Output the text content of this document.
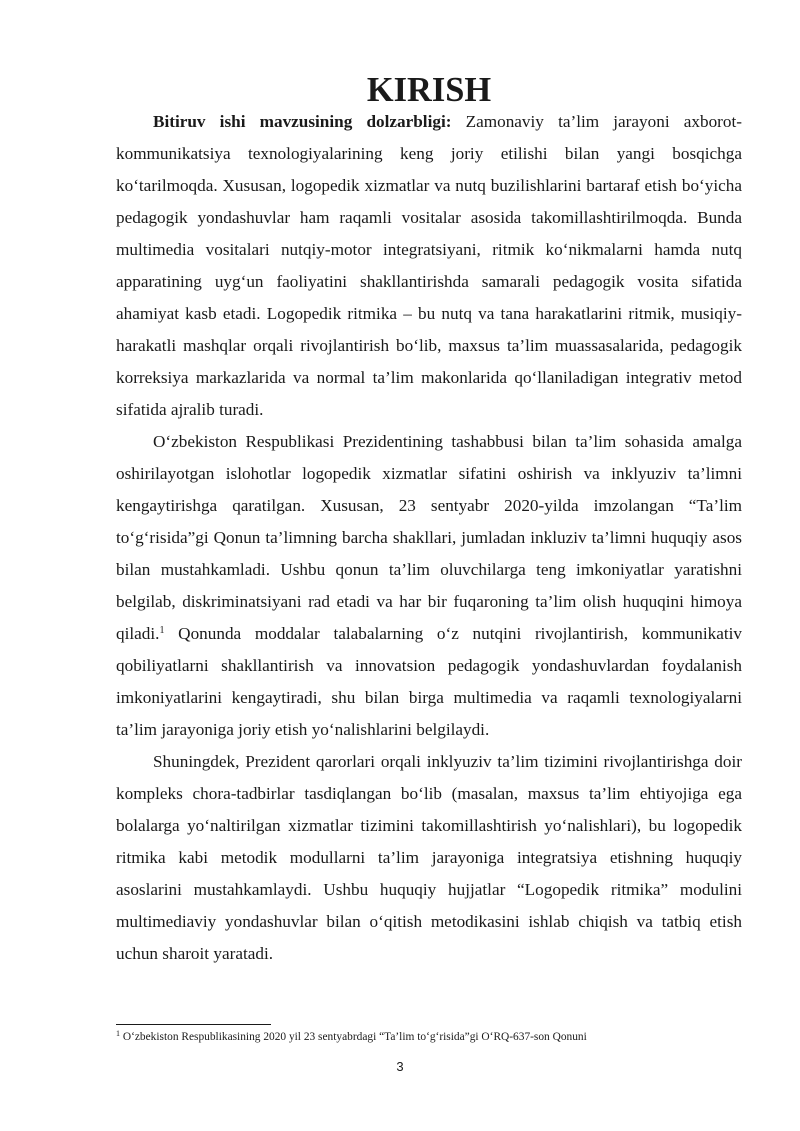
KIRISH

Bitiruv ishi mavzusining dolzarbligi: Zamonaviy ta’lim jarayoni axborot-kommunikatsiya texnologiyalarining keng joriy etilishi bilan yangi bosqichga ko‘tarilmoqda. Xususan, logopedik xizmatlar va nutq buzilishlarini bartaraf etish bo‘yicha pedagogik yondashuvlar ham raqamli vositalar asosida takomillashtirilmoqda. Bunda multimedia vositalari nutqiy-motor integratsiyani, ritmik ko‘nikmalarni hamda nutq apparatining uyg‘un faoliyatini shakllantirishda samarali pedagogik vosita sifatida ahamiyat kasb etadi. Logopedik ritmika – bu nutq va tana harakatlarini ritmik, musiqiy-harakatli mashqlar orqali rivojlantirish bo‘lib, maxsus ta’lim muassasalarida, pedagogik korreksiya markazlarida va normal ta’lim makonlarida qo‘llaniladigan integrativ metod sifatida ajralib turadi.

O‘zbekiston Respublikasi Prezidentining tashabbusi bilan ta’lim sohasida amalga oshirilayotgan islohotlar logopedik xizmatlar sifatini oshirish va inklyuziv ta’limni kengaytirishga qaratilgan. Xususan, 23 sentyabr 2020-yilda imzolangan “Ta’lim to‘g‘risida”gi Qonun ta’limning barcha shakllari, jumladan inkluziv ta’limni huquqiy asos bilan mustahkamladi. Ushbu qonun ta’lim oluvchilarga teng imkoniyatlar yaratishni belgilab, diskriminatsiyani rad etadi va har bir fuqaroning ta’lim olish huquqini himoya qiladi.$^1$ Qonunda moddalar talabalarning o‘z nutqini rivojlantirish, kommunikativ qobiliyatlarni shakllantirish va innovatsion pedagogik yondashuvlardan foydalanish imkoniyatlarini kengaytiradi, shu bilan birga multimedia va raqamli texnologiyalarni ta’lim jarayoniga joriy etish yo‘nalishlarini belgilaydi.

Shuningdek, Prezident qarorlari orqali inklyuziv ta’lim tizimini rivojlantirishga doir kompleks chora-tadbirlar tasdiqlangan bo‘lib (masalan, maxsus ta’lim ehtiyojiga ega bolalarga yo‘naltirilgan xizmatlar tizimini takomillashtirish yo‘nalishlari), bu logopedik ritmika kabi metodik modullarni ta’lim jarayoniga integratsiya etishning huquqiy asoslarini mustahkamlaydi. Ushbu huquqiy hujjatlar “Logopedik ritmika” modulini multimediaviy yondashuvlar bilan o‘qitish metodikasini ishlab chiqish va tatbiq etish uchun sharoit yaratadi.

$^1$ O‘zbekiston Respublikasining 2020 yil 23 sentyabrdagi “Ta’lim to‘g‘risida”gi O‘RQ-637-son Qonuni
3
